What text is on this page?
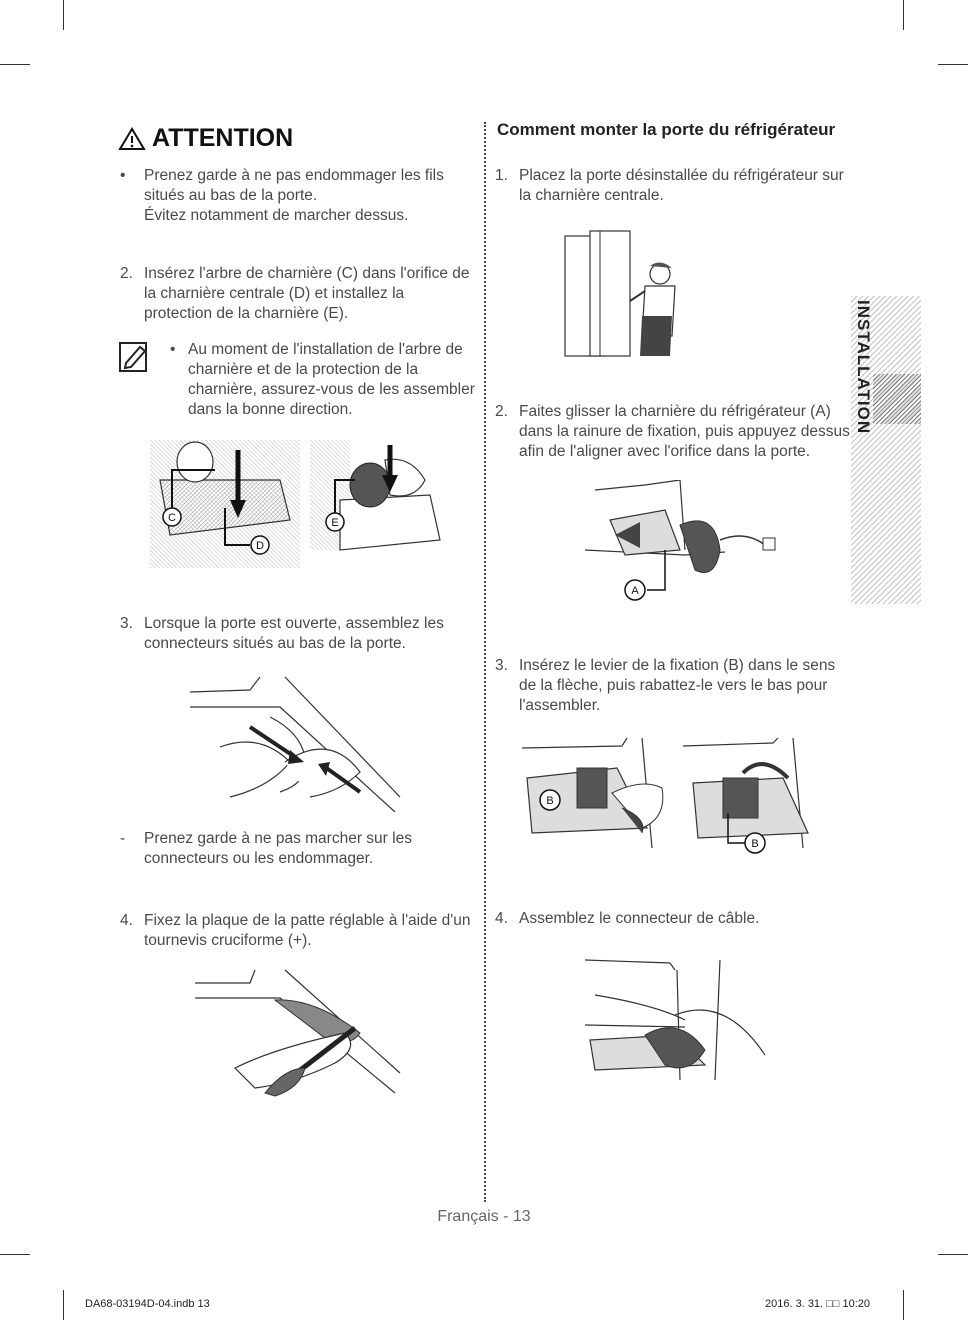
ATTENTION
• Prenez garde à ne pas endommager les fils situés au bas de la porte.
Évitez notamment de marcher dessus.
2. Insérez l'arbre de charnière (C) dans l'orifice de la charnière centrale (D) et installez la protection de la charnière (E).
• Au moment de l'installation de l'arbre de charnière et de la protection de la charnière, assurez-vous de les assembler dans la bonne direction.
C
D
E
3. Lorsque la porte est ouverte, assemblez les connecteurs situés au bas de la porte.
- Prenez garde à ne pas marcher sur les connecteurs ou les endommager.
4. Fixez la plaque de la patte réglable à l'aide d'un tournevis cruciforme (+).
Comment monter la porte du réfrigérateur
1. Placez la porte désinstallée du réfrigérateur sur la charnière centrale.
2. Faites glisser la charnière du réfrigérateur (A) dans la rainure de fixation, puis appuyez dessus afin de l'aligner avec l'orifice dans la porte.
A
3. Insérez le levier de la fixation (B) dans le sens de la flèche, puis rabattez-le vers le bas pour l'assembler.
B
B
4. Assemblez le connecteur de câble.
INSTALLATION
Français - 13
DA68-03194D-04.indb 13	2016. 3. 31. □□ 10:20
